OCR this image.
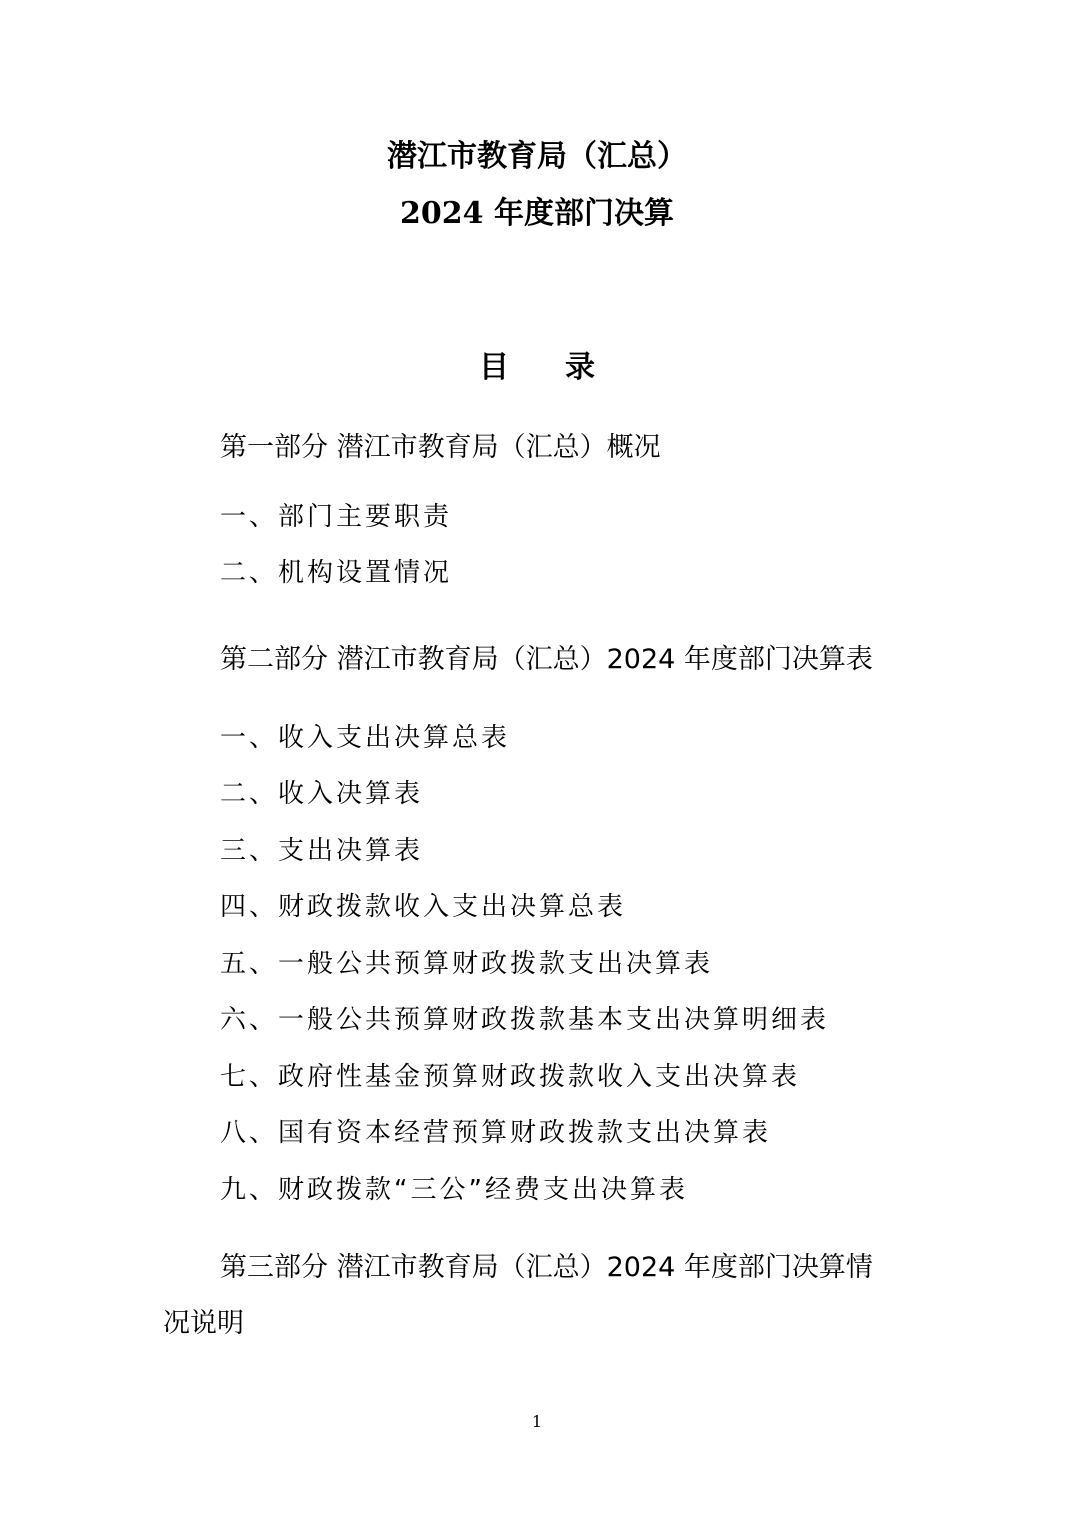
潜江市教育局（汇总）
2024 年度部门决算
目录
第一部分 潜江市教育局（汇总）概况
一、部门主要职责
二、机构设置情况
第二部分 潜江市教育局（汇总）2024 年度部门决算表
一、收入支出决算总表
二、收入决算表
三、支出决算表
四、财政拨款收入支出决算总表
五、一般公共预算财政拨款支出决算表
六、一般公共预算财政拨款基本支出决算明细表
七、政府性基金预算财政拨款收入支出决算表
八、国有资本经营预算财政拨款支出决算表
九、财政拨款“三公”经费支出决算表
第三部分 潜江市教育局（汇总）2024 年度部门决算情
况说明
1
